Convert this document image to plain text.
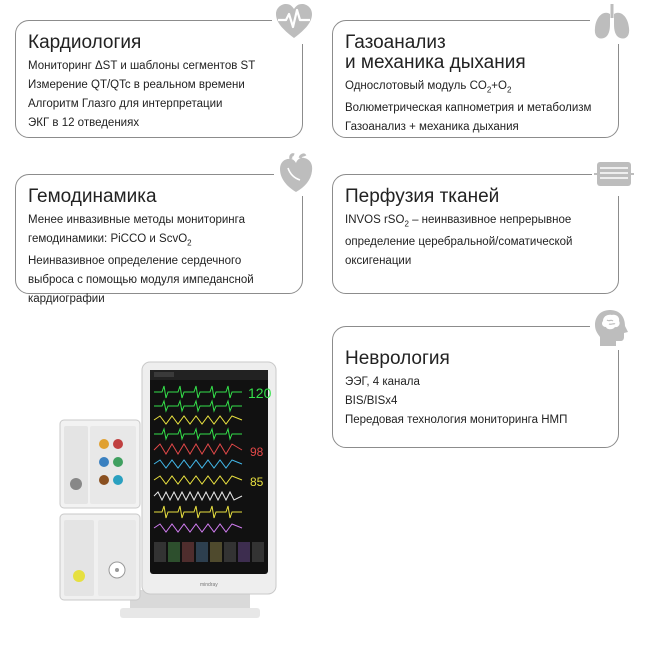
Кардиология

Мониторинг ΔST и шаблоны сегментов ST

Измерение QT/QTc в реальном времени

Алгоритм Глазго для интерпретации

ЭКГ в 12 отведениях

Газоанализ
и механика дыхания

Однослотовый модуль $CO_2+O_2$

Волюметрическая капнометрия и метаболизм

Газоанализ + механика дыхания

Гемодинамика

Менее инвазивные методы мониторинга

гемодинамики: PiCCO и ScvO$_2$

Неинвазивное определение сердечного

выброса с помощью модуля импедансной

кардиографии

Перфузия тканей

INVOS rSO$_2$ – неинвазивное непрерывное

определение церебральной/соматической

оксигенации

Неврология

ЭЭГ, 4 канала

BIS/BISx4

Передовая технология мониторинга НМП

120
98
85
mindray
